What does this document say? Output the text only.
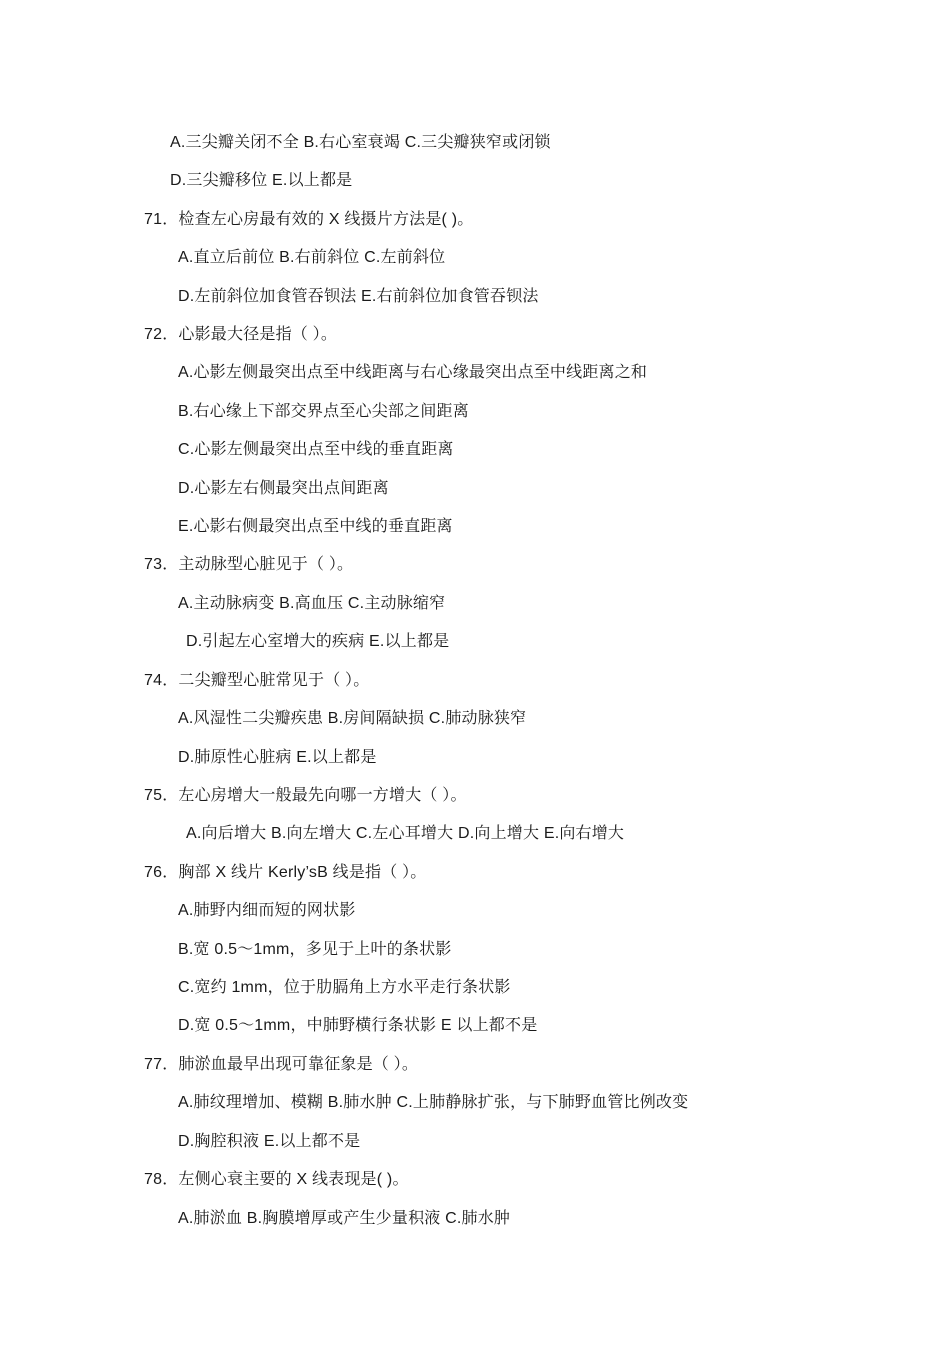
A.三尖瓣关闭不全 B.右心室衰竭 C.三尖瓣狭窄或闭锁
D.三尖瓣移位 E.以上都是
71．检查左心房最有效的 X 线摄片方法是( )。
A.直立后前位 B.右前斜位 C.左前斜位
D.左前斜位加食管吞钡法 E.右前斜位加食管吞钡法
72．心影最大径是指（ ）。
A.心影左侧最突出点至中线距离与右心缘最突出点至中线距离之和
B.右心缘上下部交界点至心尖部之间距离
C.心影左侧最突出点至中线的垂直距离
D.心影左右侧最突出点间距离
E.心影右侧最突出点至中线的垂直距离
73．主动脉型心脏见于（ ）。
A.主动脉病变 B.高血压 C.主动脉缩窄
D.引起左心室增大的疾病 E.以上都是
74．二尖瓣型心脏常见于（ ）。
A.风湿性二尖瓣疾患 B.房间隔缺损 C.肺动脉狭窄
D.肺原性心脏病 E.以上都是
75．左心房增大一般最先向哪一方增大（ ）。
A.向后增大 B.向左增大 C.左心耳增大 D.向上增大 E.向右增大
76．胸部 X 线片 Kerly’sB 线是指（ ）。
A.肺野内细而短的网状影
B.宽 0.5～1mm，多见于上叶的条状影
C.宽约 1mm，位于肋膈角上方水平走行条状影
D.宽 0.5～1mm，中肺野横行条状影 E 以上都不是
77．肺淤血最早出现可靠征象是（ ）。
A.肺纹理增加、模糊 B.肺水肿 C.上肺静脉扩张，与下肺野血管比例改变
D.胸腔积液 E.以上都不是
78．左侧心衰主要的 X 线表现是( )。
A.肺淤血 B.胸膜增厚或产生少量积液 C.肺水肿
